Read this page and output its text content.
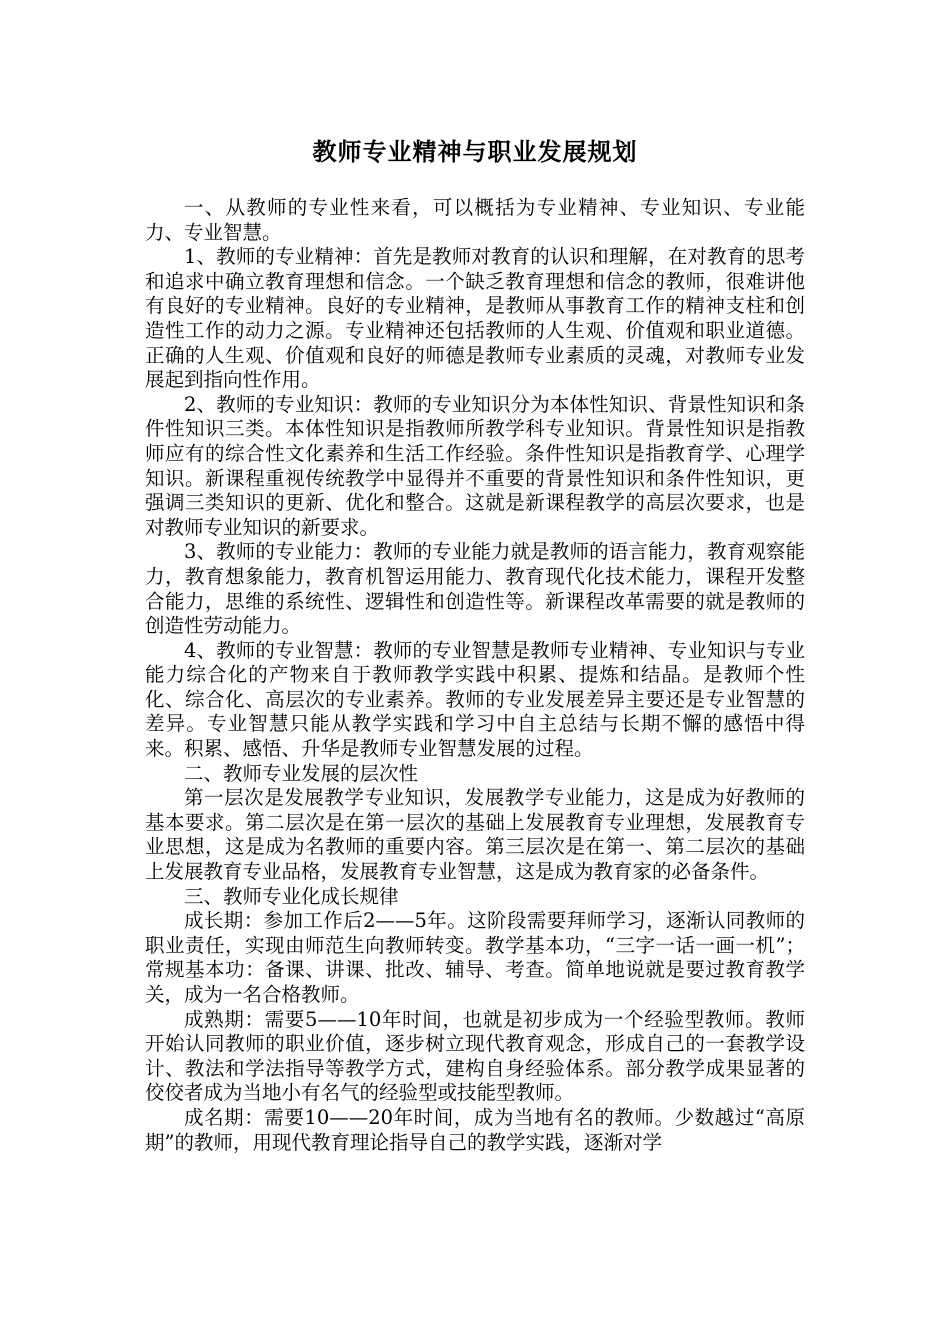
教师专业精神与职业发展规划

一、从教师的专业性来看，可以概括为专业精神、专业知识、专业能力、专业智慧。

1、教师的专业精神：首先是教师对教育的认识和理解，在对教育的思考和追求中确立教育理想和信念。一个缺乏教育理想和信念的教师，很难讲他有良好的专业精神。良好的专业精神，是教师从事教育工作的精神支柱和创造性工作的动力之源。专业精神还包括教师的人生观、价值观和职业道德。正确的人生观、价值观和良好的师德是教师专业素质的灵魂，对教师专业发展起到指向性作用。

2、教师的专业知识：教师的专业知识分为本体性知识、背景性知识和条件性知识三类。本体性知识是指教师所教学科专业知识。背景性知识是指教师应有的综合性文化素养和生活工作经验。条件性知识是指教育学、心理学知识。新课程重视传统教学中显得并不重要的背景性知识和条件性知识，更强调三类知识的更新、优化和整合。这就是新课程教学的高层次要求，也是对教师专业知识的新要求。

3、教师的专业能力：教师的专业能力就是教师的语言能力，教育观察能力，教育想象能力，教育机智运用能力、教育现代化技术能力，课程开发整合能力，思维的系统性、逻辑性和创造性等。新课程改革需要的就是教师的创造性劳动能力。

4、教师的专业智慧：教师的专业智慧是教师专业精神、专业知识与专业能力综合化的产物来自于教师教学实践中积累、提炼和结晶。是教师个性化、综合化、高层次的专业素养。教师的专业发展差异主要还是专业智慧的差异。专业智慧只能从教学实践和学习中自主总结与长期不懈的感悟中得来。积累、感悟、升华是教师专业智慧发展的过程。

二、教师专业发展的层次性

第一层次是发展教学专业知识，发展教学专业能力，这是成为好教师的基本要求。第二层次是在第一层次的基础上发展教育专业理想，发展教育专业思想，这是成为名教师的重要内容。第三层次是在第一、第二层次的基础上发展教育专业品格，发展教育专业智慧，这是成为教育家的必备条件。

三、教师专业化成长规律

成长期：参加工作后2——5年。这阶段需要拜师学习，逐渐认同教师的职业责任，实现由师范生向教师转变。教学基本功，“三字一话一画一机”；常规基本功：备课、讲课、批改、辅导、考查。简单地说就是要过教育教学关，成为一名合格教师。

成熟期：需要5——10年时间，也就是初步成为一个经验型教师。教师开始认同教师的职业价值，逐步树立现代教育观念，形成自己的一套教学设计、教法和学法指导等教学方式，建构自身经验体系。部分教学成果显著的佼佼者成为当地小有名气的经验型或技能型教师。

成名期：需要10——20年时间，成为当地有名的教师。少数越过“高原期”的教师，用现代教育理论指导自己的教学实践，逐渐对学
